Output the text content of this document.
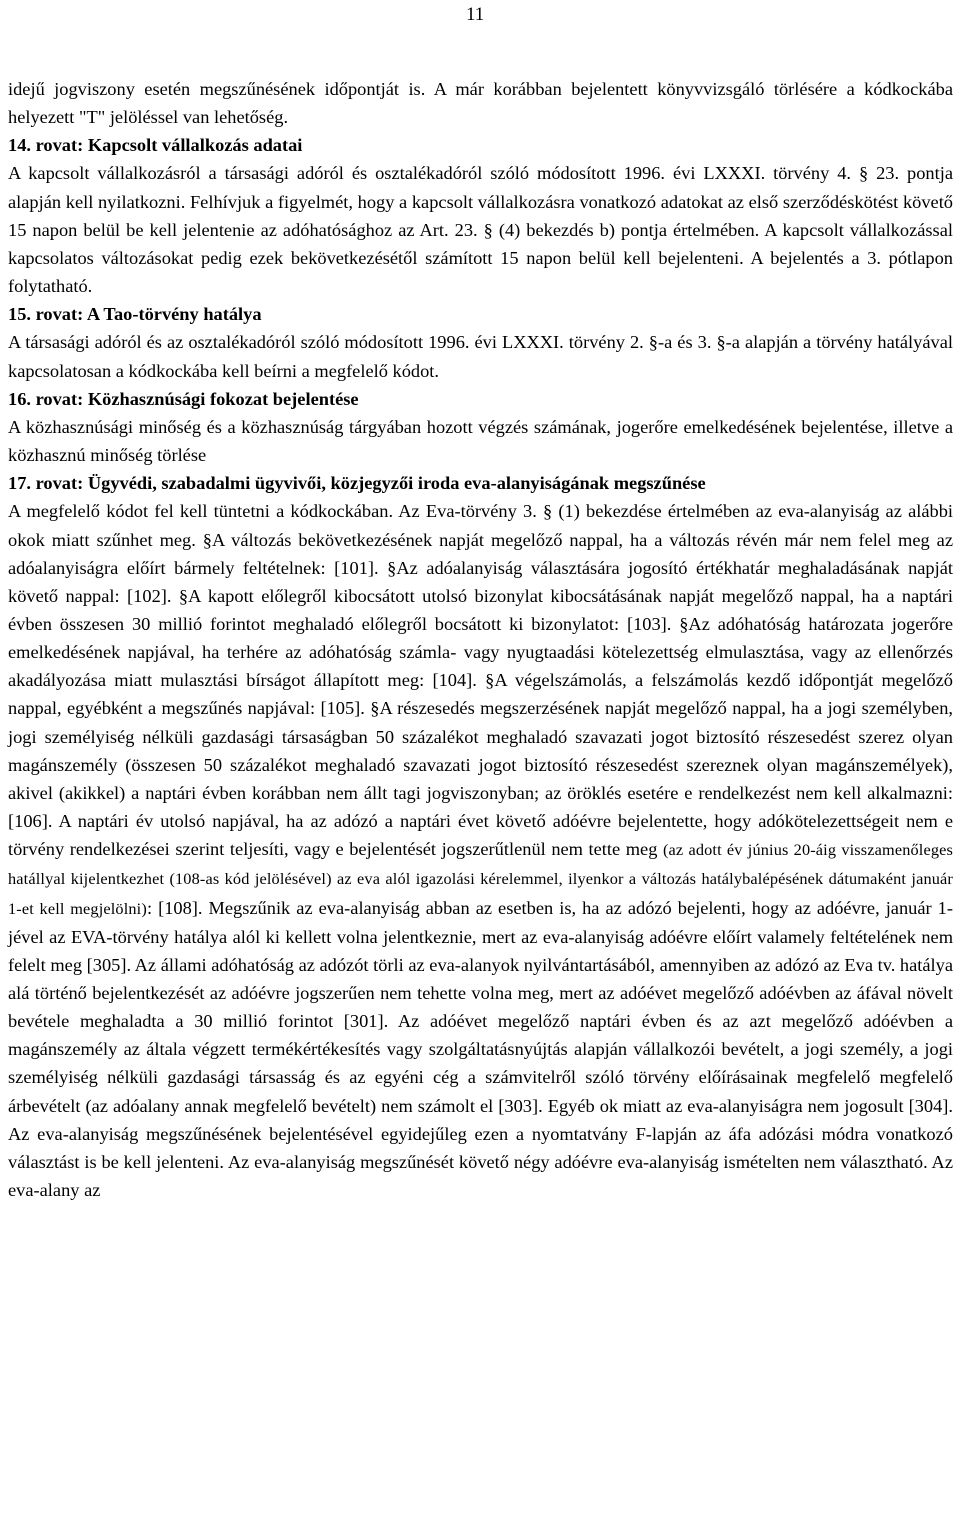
11

idejű jogviszony esetén megszűnésének időpontját is. A már korábban bejelentett könyvvizsgáló törlésére a kódkockába helyezett "T" jelöléssel van lehetőség.

14. rovat: Kapcsolt vállalkozás adatai

A kapcsolt vállalkozásról a társasági adóról és osztalékadóról szóló módosított 1996. évi LXXXI. törvény 4. § 23. pontja alapján kell nyilatkozni. Felhívjuk a figyelmét, hogy a kapcsolt vállalkozásra vonatkozó adatokat az első szerződéskötést követő 15 napon belül be kell jelentenie az adóhatósághoz az Art. 23. § (4) bekezdés b) pontja értelmében. A kapcsolt vállalkozással kapcsolatos változásokat pedig ezek bekövetkezésétől számított 15 napon belül kell bejelenteni. A bejelentés a 3. pótlapon folytatható.

15. rovat: A Tao-törvény hatálya

A társasági adóról és az osztalékadóról szóló módosított 1996. évi LXXXI. törvény 2. §-a és 3. §-a alapján a törvény hatályával kapcsolatosan a kódkockába kell beírni a megfelelő kódot.

16. rovat: Közhasznúsági fokozat bejelentése

A közhasznúsági minőség és a közhasznúság tárgyában hozott végzés számának, jogerőre emelkedésének bejelentése, illetve a közhasznú minőség törlése

17. rovat: Ügyvédi, szabadalmi ügyvivői, közjegyzői iroda eva-alanyiságának megszűnése

A megfelelő kódot fel kell tüntetni a kódkockában. Az Eva-törvény 3. § (1) bekezdése értelmében az eva-alanyiság az alábbi okok miatt szűnhet meg. §A változás bekövetkezésének napját megelőző nappal, ha a változás révén már nem felel meg az adóalanyiságra előírt bármely feltételnek: [101]. §Az adóalanyiság választására jogosító értékhatár meghaladásának napját követő nappal: [102]. §A kapott előlegről kibocsátott utolsó bizonylat kibocsátásának napját megelőző nappal, ha a naptári évben összesen 30 millió forintot meghaladó előlegről bocsátott ki bizonylatot: [103]. §Az adóhatóság határozata jogerőre emelkedésének napjával, ha terhére az adóhatóság számla- vagy nyugtaadási kötelezettség elmulasztása, vagy az ellenőrzés akadályozása miatt mulasztási bírságot állapított meg: [104]. §A végelszámolás, a felszámolás kezdő időpontját megelőző nappal, egyébként a megszűnés napjával: [105]. §A részesedés megszerzésének napját megelőző nappal, ha a jogi személyben, jogi személyiség nélküli gazdasági társaságban 50 százalékot meghaladó szavazati jogot biztosító részesedést szerez olyan magánszemély (összesen 50 százalékot meghaladó szavazati jogot biztosító részesedést szereznek olyan magánszemélyek), akivel (akikkel) a naptári évben korábban nem állt tagi jogviszonyban; az öröklés esetére e rendelkezést nem kell alkalmazni: [106]. A naptári év utolsó napjával, ha az adózó a naptári évet követő adóévre bejelentette, hogy adókötelezettségeit nem e törvény rendelkezései szerint teljesíti, vagy e bejelentését jogszerűtlenül nem tette meg (az adott év június 20-áig visszamenőleges hatállyal kijelentkezhet (108-as kód jelölésével) az eva alól igazolási kérelemmel, ilyenkor a változás hatálybalépésének dátumaként január 1-et kell megjelölni): [108]. Megszűnik az eva-alanyiság abban az esetben is, ha az adózó bejelenti, hogy az adóévre, január 1-jével az EVA-törvény hatálya alól ki kellett volna jelentkeznie, mert az eva-alanyiság adóévre előírt valamely feltételének nem felelt meg [305]. Az állami adóhatóság az adózót törli az eva-alanyok nyilvántartásából, amennyiben az adózó az Eva tv. hatálya alá történő bejelentkezését az adóévre jogszerűen nem tehette volna meg, mert az adóévet megelőző adóévben az áfával növelt bevétele meghaladta a 30 millió forintot [301]. Az adóévet megelőző naptári évben és az azt megelőző adóévben a magánszemély az általa végzett termékértékesítés vagy szolgáltatásnyújtás alapján vállalkozói bevételt, a jogi személy, a jogi személyiség nélküli gazdasági társasság és az egyéni cég a számvitelről szóló törvény előírásainak megfelelő megfelelő árbevételt (az adóalany annak megfelelő bevételt) nem számolt el [303]. Egyéb ok miatt az eva-alanyiságra nem jogosult [304]. Az eva-alanyiság megszűnésének bejelentésével egyidejűleg ezen a nyomtatvány F-lapján az áfa adózási módra vonatkozó választást is be kell jelenteni. Az eva-alanyiság megszűnését követő négy adóévre eva-alanyiság ismételten nem választható. Az eva-alany az
